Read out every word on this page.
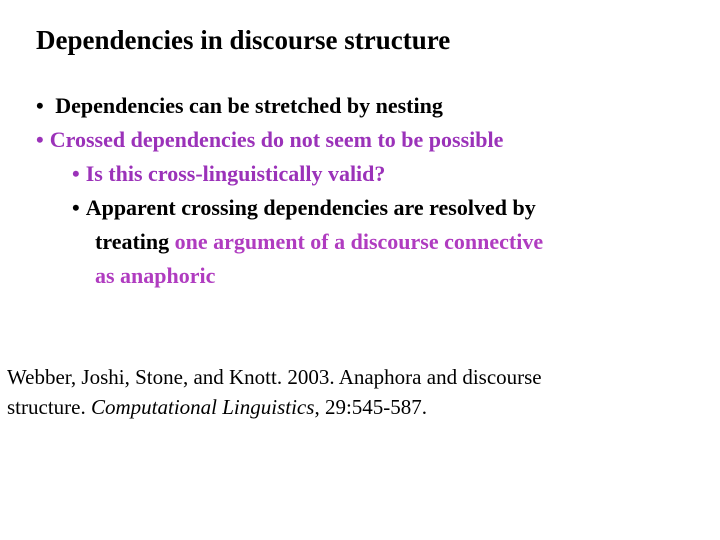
Dependencies in discourse structure
• Dependencies can be stretched by nesting
• Crossed dependencies do not seem to be possible
• Is this cross-linguistically valid?
• Apparent crossing dependencies are resolved by
treating one argument of a discourse connective
as anaphoric

Webber, Joshi, Stone, and Knott. 2003. Anaphora and discourse
structure. Computational Linguistics, 29:545-587.
